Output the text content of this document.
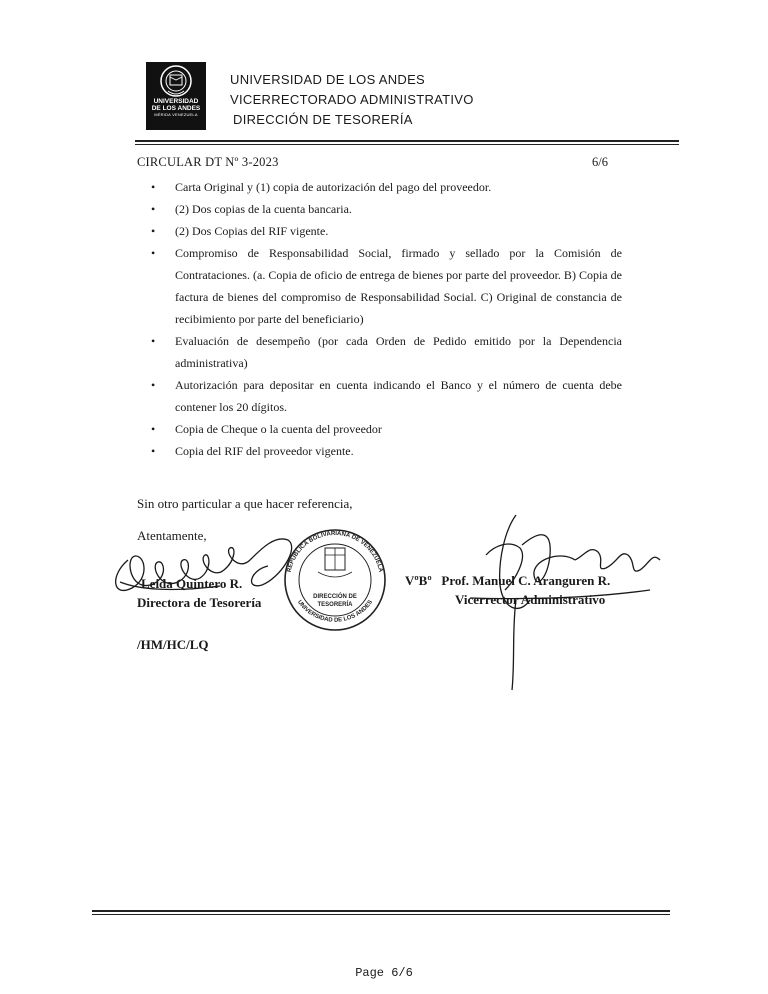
UNIVERSIDAD
DE LOS ANDES
MÉRIDA VENEZUELA
UNIVERSIDAD DE LOS ANDES
VICERRECTORADO ADMINISTRATIVO
DIRECCIÓN DE TESORERÍA
CIRCULAR DT Nº 3-2023	6/6
• Carta Original y (1) copia de autorización del pago del proveedor.
• (2) Dos copias de la cuenta bancaria.
• (2) Dos Copias del RIF vigente.
• Compromiso de Responsabilidad Social, firmado y sellado por la Comisión de Contrataciones. (a. Copia de oficio de entrega de bienes por parte del proveedor. B) Copia de factura de bienes del compromiso de Responsabilidad Social. C) Original de constancia de recibimiento por parte del beneficiario)
• Evaluación de desempeño (por cada Orden de Pedido emitido por la Dependencia administrativa)
• Autorización para depositar en cuenta indicando el Banco y el número de cuenta debe contener los 20 dígitos.
• Copia de Cheque o la cuenta del proveedor
• Copia del RIF del proveedor vigente.
Sin otro particular a que hacer referencia,
Atentamente,
Leida Quintero R.
Directora de Tesorería
VºBº Prof. Manuel C. Aranguren R.
Vicerrector Administrativo
/HM/HC/LQ
REPÚBLICA BOLIVARIANA DE VENEZUELA
UNIVERSIDAD DE LOS ANDES
DIRECCIÓN DE
TESORERÍA
Page 6/6
